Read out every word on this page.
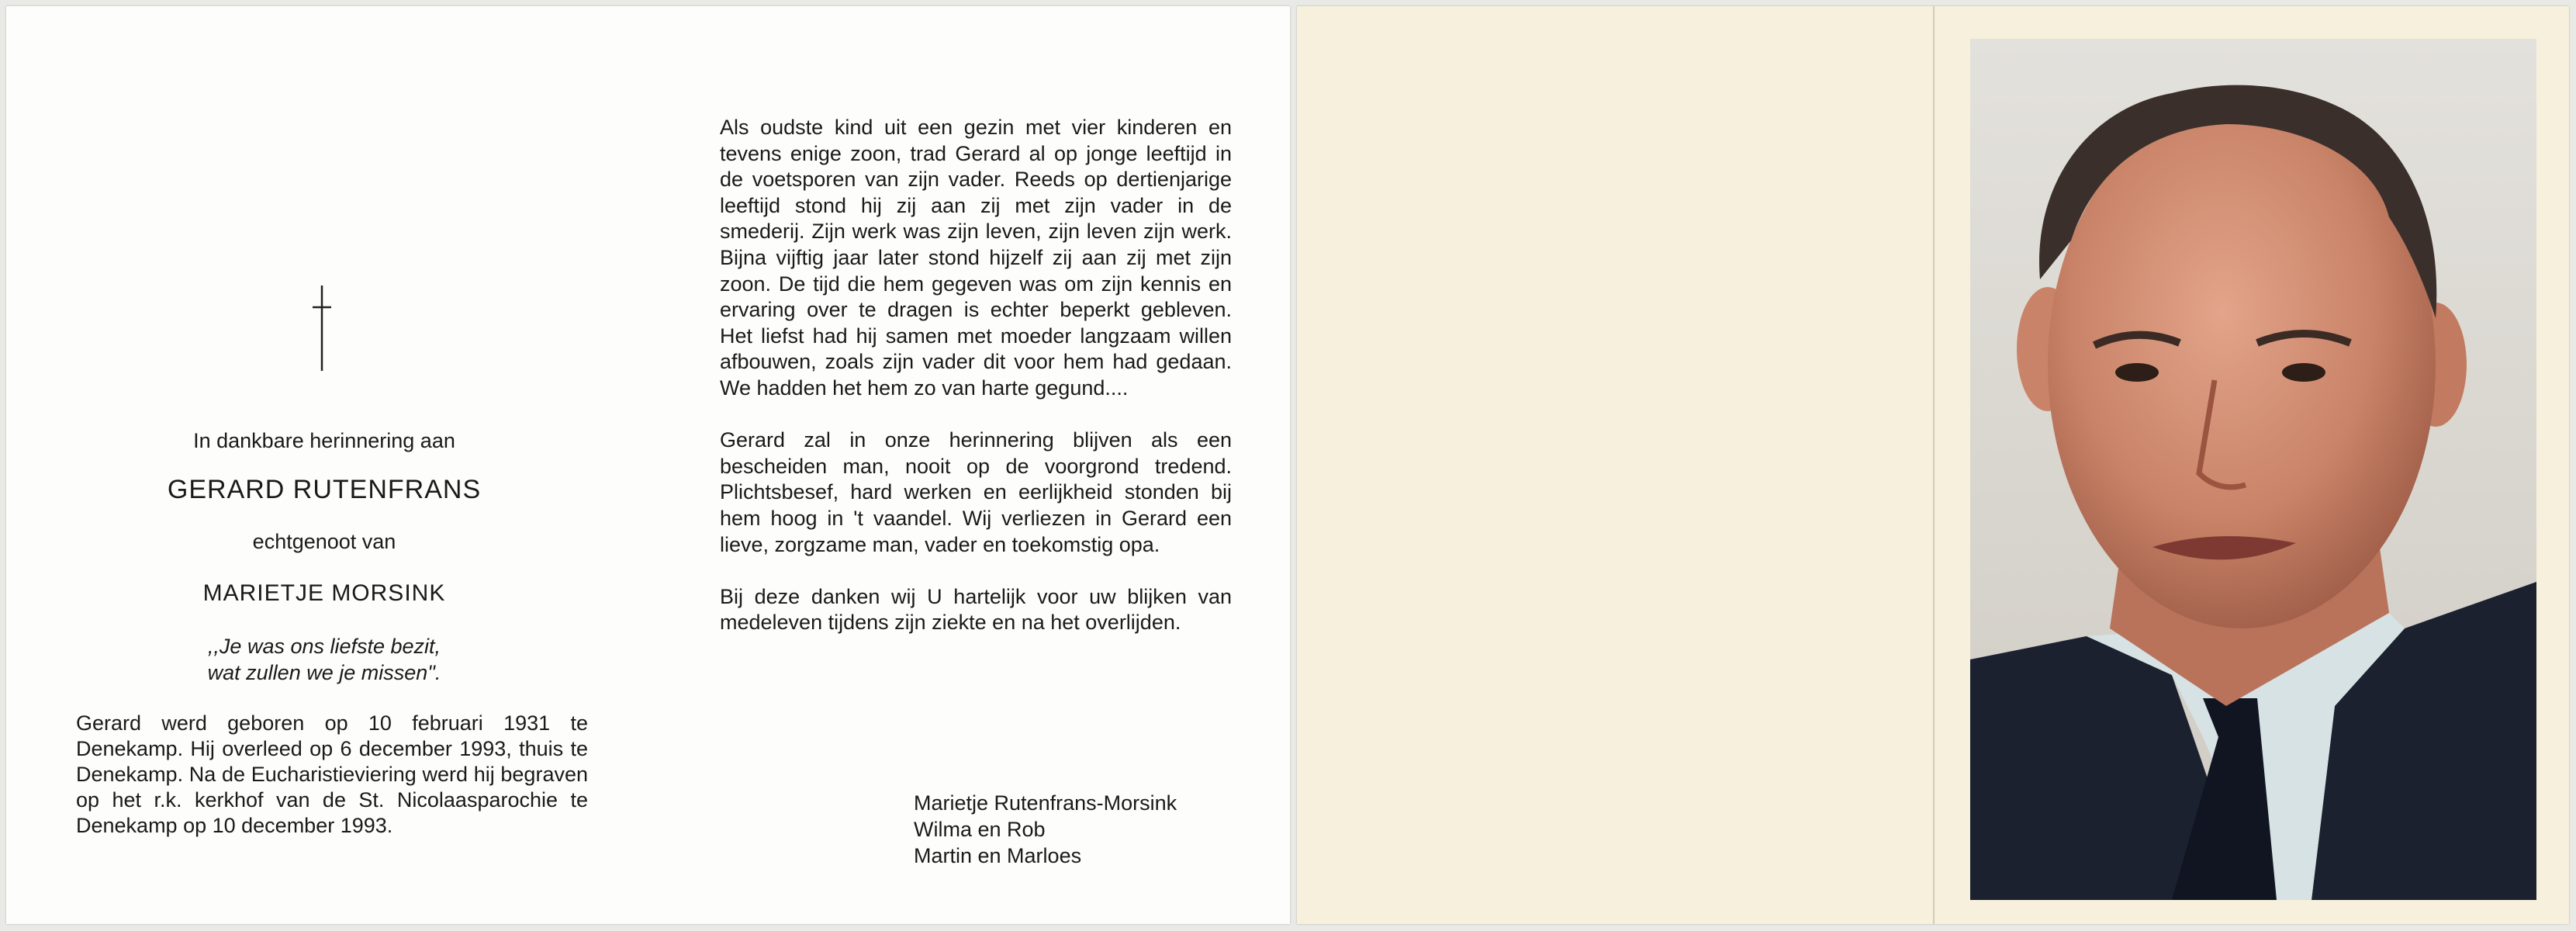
In dankbare herinnering aan
GERARD RUTENFRANS
echtgenoot van
MARIETJE MORSINK
,,Je was ons liefste bezit,
wat zullen we je missen".
Gerard werd geboren op 10 februari 1931 te Denekamp. Hij overleed op 6 december 1993, thuis te Denekamp. Na de Eucharistieviering werd hij begraven op het r.k. kerkhof van de St. Nicolaasparochie te Denekamp op 10 december 1993.

Als oudste kind uit een gezin met vier kinderen en tevens enige zoon, trad Gerard al op jonge leeftijd in de voetsporen van zijn vader. Reeds op dertienjarige leeftijd stond hij zij aan zij met zijn vader in de smederij. Zijn werk was zijn leven, zijn leven zijn werk. Bijna vijftig jaar later stond hijzelf zij aan zij met zijn zoon. De tijd die hem gegeven was om zijn kennis en ervaring over te dragen is echter beperkt gebleven. Het liefst had hij samen met moeder langzaam willen afbouwen, zoals zijn vader dit voor hem had gedaan. We hadden het hem zo van harte gegund....

Gerard zal in onze herinnering blijven als een bescheiden man, nooit op de voorgrond tredend. Plichtsbesef, hard werken en eerlijkheid stonden bij hem hoog in 't vaandel. Wij verliezen in Gerard een lieve, zorgzame man, vader en toekomstig opa.

Bij deze danken wij U hartelijk voor uw blijken van medeleven tijdens zijn ziekte en na het overlijden.

Marietje Rutenfrans-Morsink
Wilma en Rob
Martin en Marloes
